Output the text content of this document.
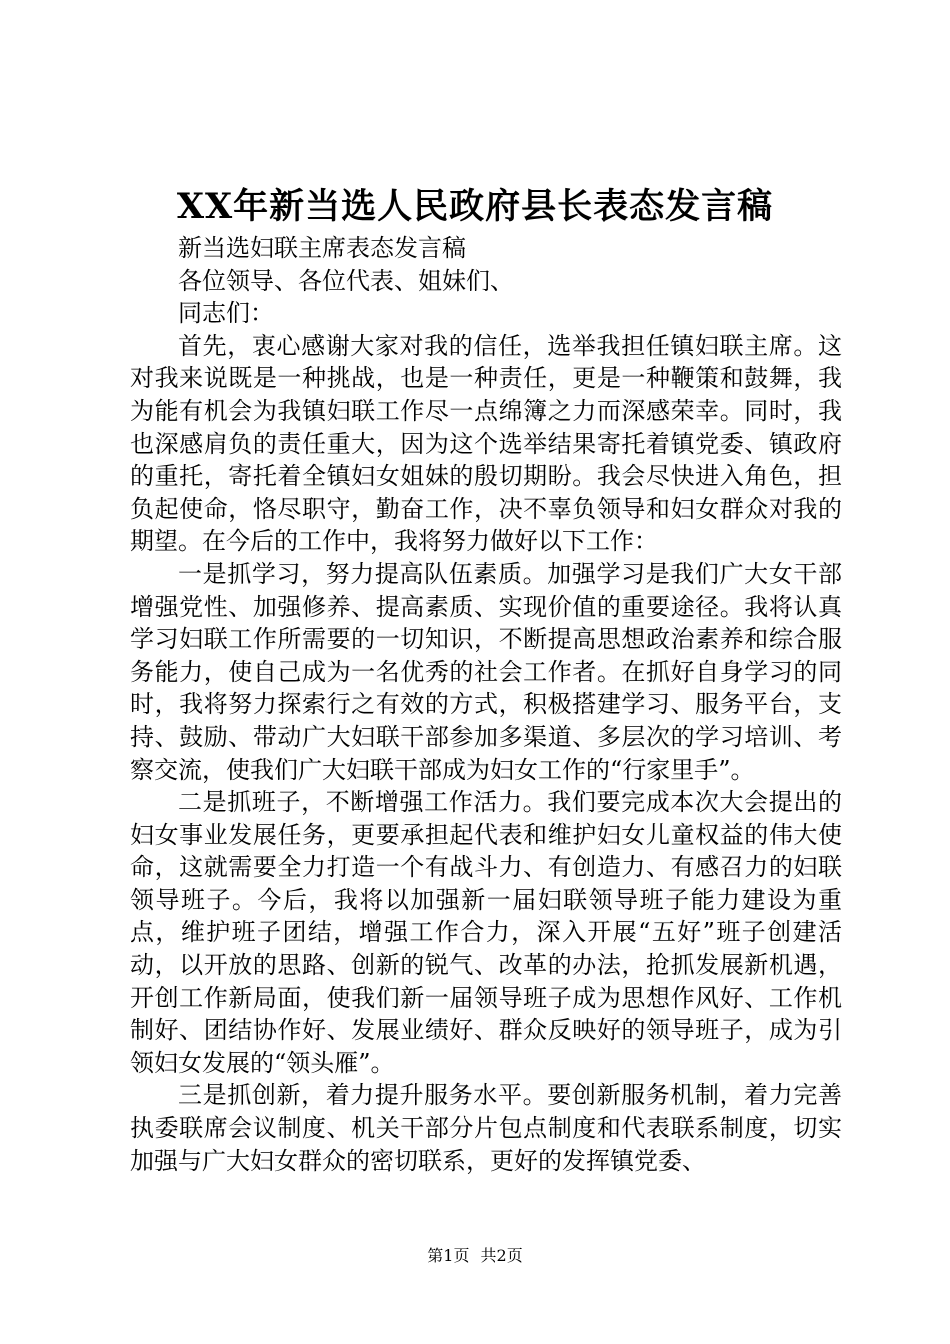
XX年新当选人民政府县长表态发言稿

新当选妇联主席表态发言稿

各位领导、各位代表、姐妹们、

同志们：

首先，衷心感谢大家对我的信任，选举我担任镇妇联主席。这对我来说既是一种挑战，也是一种责任，更是一种鞭策和鼓舞，我为能有机会为我镇妇联工作尽一点绵簿之力而深感荣幸。同时，我也深感肩负的责任重大，因为这个选举结果寄托着镇党委、镇政府的重托，寄托着全镇妇女姐妹的殷切期盼。我会尽快进入角色，担负起使命，恪尽职守，勤奋工作，决不辜负领导和妇女群众对我的期望。在今后的工作中，我将努力做好以下工作：

一是抓学习，努力提高队伍素质。加强学习是我们广大女干部增强党性、加强修养、提高素质、实现价值的重要途径。我将认真学习妇联工作所需要的一切知识，不断提高思想政治素养和综合服务能力，使自己成为一名优秀的社会工作者。在抓好自身学习的同时，我将努力探索行之有效的方式，积极搭建学习、服务平台，支持、鼓励、带动广大妇联干部参加多渠道、多层次的学习培训、考察交流，使我们广大妇联干部成为妇女工作的“行家里手”。

二是抓班子，不断增强工作活力。我们要完成本次大会提出的妇女事业发展任务，更要承担起代表和维护妇女儿童权益的伟大使命，这就需要全力打造一个有战斗力、有创造力、有感召力的妇联领导班子。今后，我将以加强新一届妇联领导班子能力建设为重点，维护班子团结，增强工作合力，深入开展“五好”班子创建活动，以开放的思路、创新的锐气、改革的办法，抢抓发展新机遇，开创工作新局面，使我们新一届领导班子成为思想作风好、工作机制好、团结协作好、发展业绩好、群众反映好的领导班子，成为引领妇女发展的“领头雁”。

三是抓创新，着力提升服务水平。要创新服务机制，着力完善执委联席会议制度、机关干部分片包点制度和代表联系制度，切实加强与广大妇女群众的密切联系，更好的发挥镇党委、

第1页 共2页
